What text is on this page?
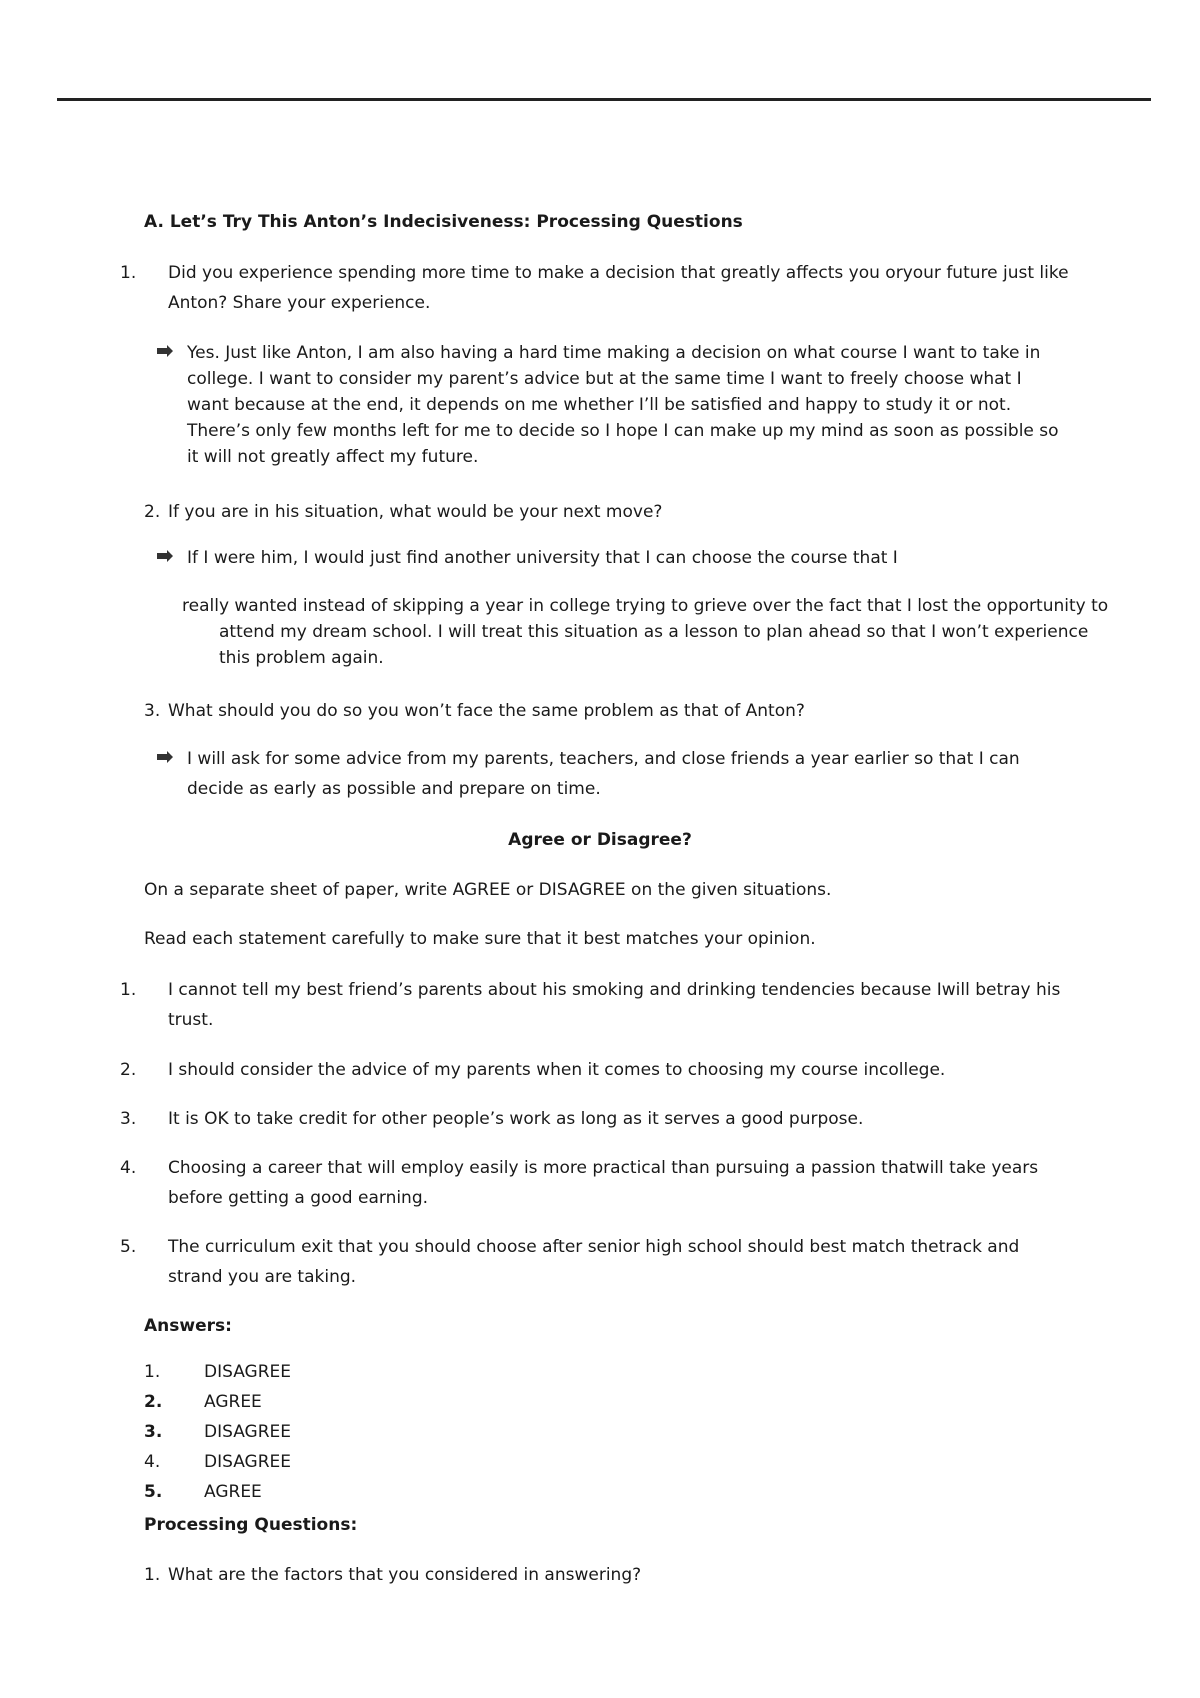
A. Let’s Try This Anton’s Indecisiveness: Processing Questions

1. Did you experience spending more time to make a decision that greatly affects you oryour future just like Anton? Share your experience.
Yes. Just like Anton, I am also having a hard time making a decision on what course I want to take in college. I want to consider my parent’s advice but at the same time I want to freely choose what I want because at the end, it depends on me whether I’ll be satisfied and happy to study it or not. There’s only few months left for me to decide so I hope I can make up my mind as soon as possible so it will not greatly affect my future.
2. If you are in his situation, what would be your next move?
If I were him, I would just find another university that I can choose the course that I
really wanted instead of skipping a year in college trying to grieve over the fact that I lost the opportunity to attend my dream school. I will treat this situation as a lesson to plan ahead so that I won’t experience this problem again.
3. What should you do so you won’t face the same problem as that of Anton?
I will ask for some advice from my parents, teachers, and close friends a year earlier so that I can decide as early as possible and prepare on time.

Agree or Disagree?

On a separate sheet of paper, write AGREE or DISAGREE on the given situations.

Read each statement carefully to make sure that it best matches your opinion.

1. I cannot tell my best friend’s parents about his smoking and drinking tendencies because Iwill betray his trust.
2. I should consider the advice of my parents when it comes to choosing my course incollege.
3. It is OK to take credit for other people’s work as long as it serves a good purpose.
4. Choosing a career that will employ easily is more practical than pursuing a passion thatwill take years before getting a good earning.
5. The curriculum exit that you should choose after senior high school should best match thetrack and strand you are taking.

Answers:

1.	DISAGREE
2. AGREE
3. DISAGREE
4.	DISAGREE
5. AGREE

Processing Questions:

1. What are the factors that you considered in answering?
